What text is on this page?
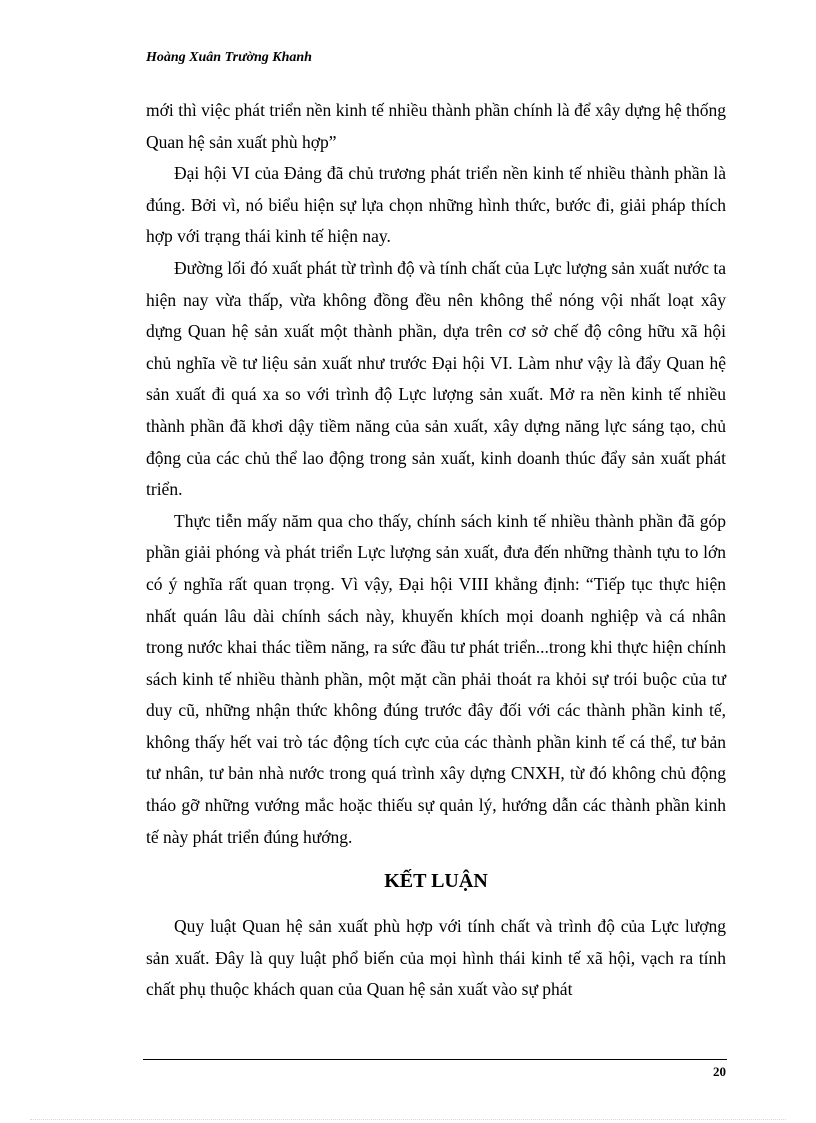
Hoàng Xuân Trường Khanh

mới thì việc phát triển nền kinh tế nhiều thành phần chính là để xây dựng hệ thống Quan hệ sản xuất phù hợp”

Đại hội VI của Đảng đã chủ trương phát triển nền kinh tế nhiều thành phần là đúng. Bởi vì, nó biểu hiện sự lựa chọn những hình thức, bước đi, giải pháp thích hợp với trạng thái kinh tế hiện nay.

Đường lối đó xuất phát từ trình độ và tính chất của Lực lượng sản xuất nước ta hiện nay vừa thấp, vừa không đồng đều nên không thể nóng vội nhất loạt xây dựng Quan hệ sản xuất một thành phần, dựa trên cơ sở chế độ công hữu xã hội chủ nghĩa về tư liệu sản xuất như trước Đại hội VI. Làm như vậy là đẩy Quan hệ sản xuất đi quá xa so với trình độ Lực lượng sản xuất. Mở ra nền kinh tế nhiều thành phần đã khơi dậy tiềm năng của sản xuất, xây dựng năng lực sáng tạo, chủ động của các chủ thể lao động trong sản xuất, kinh doanh thúc đẩy sản xuất phát triển.

Thực tiễn mấy năm qua cho thấy, chính sách kinh tế nhiều thành phần đã góp phần giải phóng và phát triển Lực lượng sản xuất, đưa đến những thành tựu to lớn có ý nghĩa rất quan trọng. Vì vậy, Đại hội VIII khẳng định: “Tiếp tục thực hiện nhất quán lâu dài chính sách này, khuyến khích mọi doanh nghiệp và cá nhân trong nước khai thác tiềm năng, ra sức đầu tư phát triển...trong khi thực hiện chính sách kinh tế nhiều thành phần, một mặt cần phải thoát ra khỏi sự trói buộc của tư duy cũ, những nhận thức không đúng trước đây đối với các thành phần kinh tế, không thấy hết vai trò tác động tích cực của các thành phần kinh tế cá thể, tư bản tư nhân, tư bản nhà nước trong quá trình xây dựng CNXH, từ đó không chủ động tháo gỡ những vướng mắc hoặc thiếu sự quản lý, hướng dẫn các thành phần kinh tế này phát triển đúng hướng.

KẾT LUẬN

Quy luật Quan hệ sản xuất phù hợp với tính chất và trình độ của Lực lượng sản xuất. Đây là quy luật phổ biến của mọi hình thái kinh tế xã hội, vạch ra tính chất phụ thuộc khách quan của Quan hệ sản xuất vào sự phát

20
